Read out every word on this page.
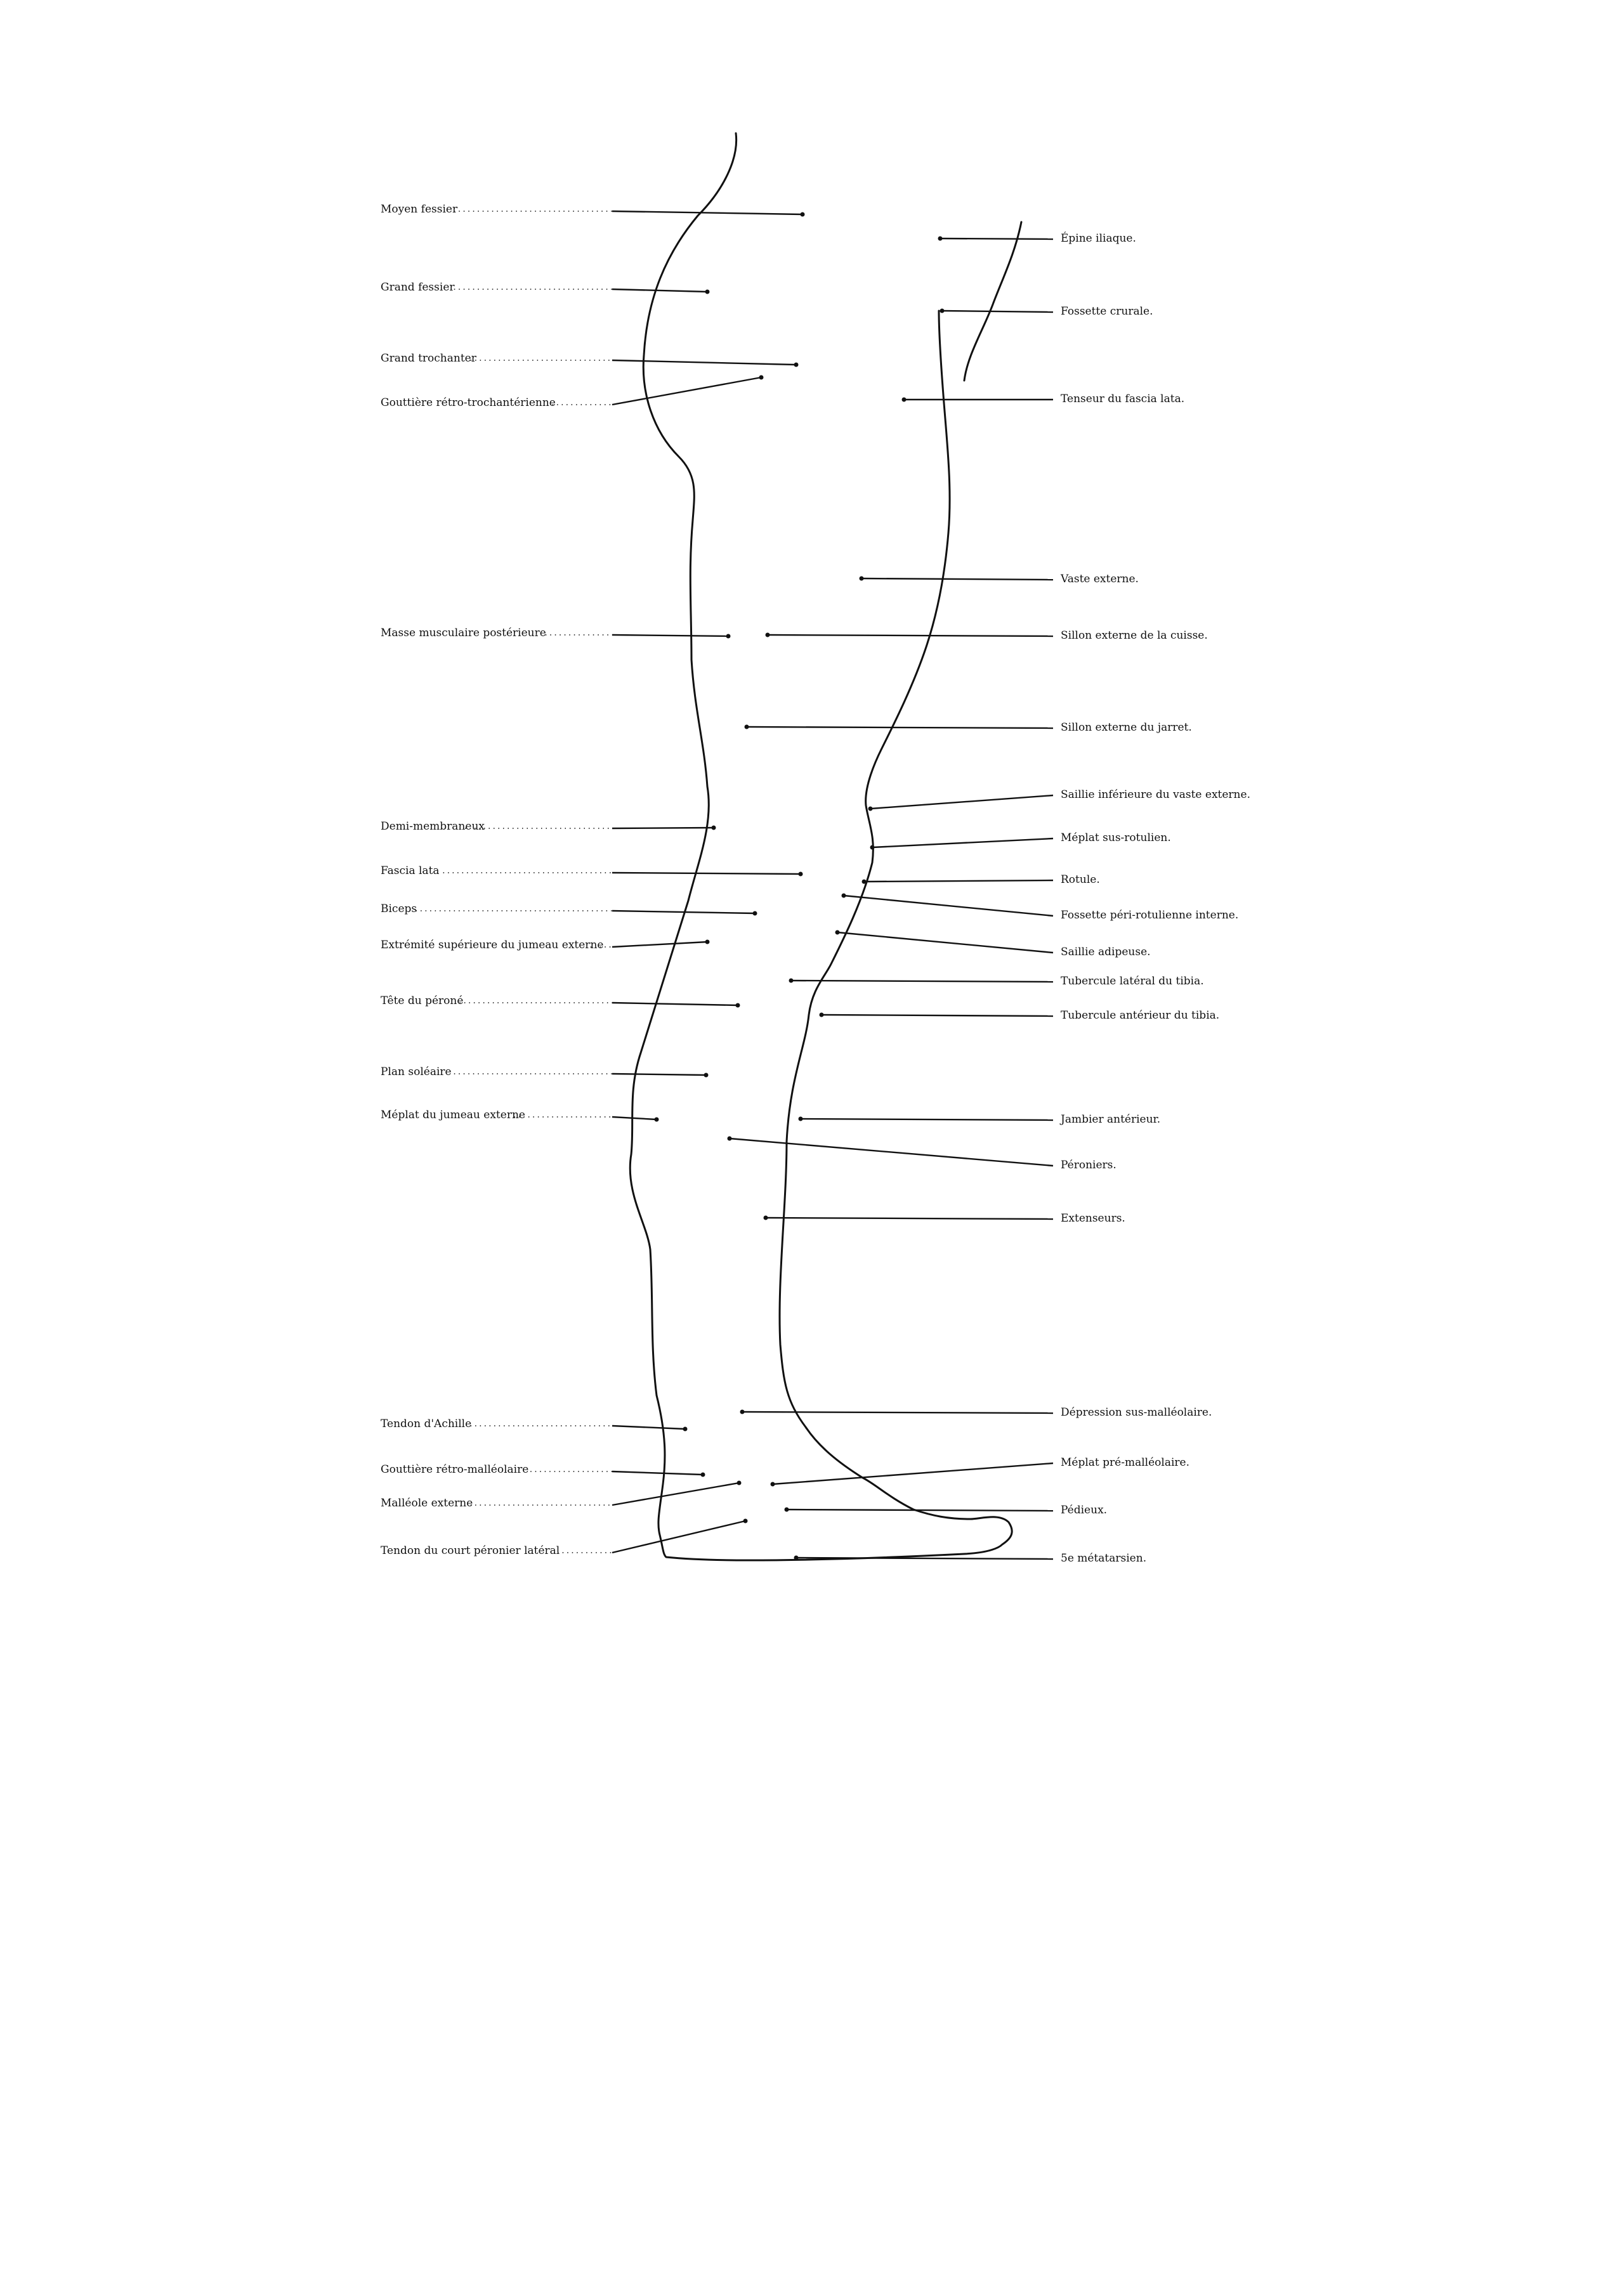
Moyen fessier
Grand fessier
Grand trochanter
Gouttière rétro-trochantérienne
Masse musculaire postérieure
Demi-membraneux
Fascia lata
Biceps
Extrémité supérieure du jumeau externe
Tête du péroné
Plan soléaire
Méplat du jumeau externe
Tendon d'Achille
Gouttière rétro-malléolaire
Malléole externe
Tendon du court péronier latéral
Épine iliaque.
Fossette crurale.
Tenseur du fascia lata.
Vaste externe.
Sillon externe de la cuisse.
Sillon externe du jarret.
Saillie inférieure du vaste externe.
Méplat sus-rotulien.
Rotule.
Fossette péri-rotulienne interne.
Saillie adipeuse.
Tubercule latéral du tibia.
Tubercule antérieur du tibia.
Jambier antérieur.
Péroniers.
Extenseurs.
Dépression sus-malléolaire.
Méplat pré-malléolaire.
Pédieux.
5e métatarsien.
